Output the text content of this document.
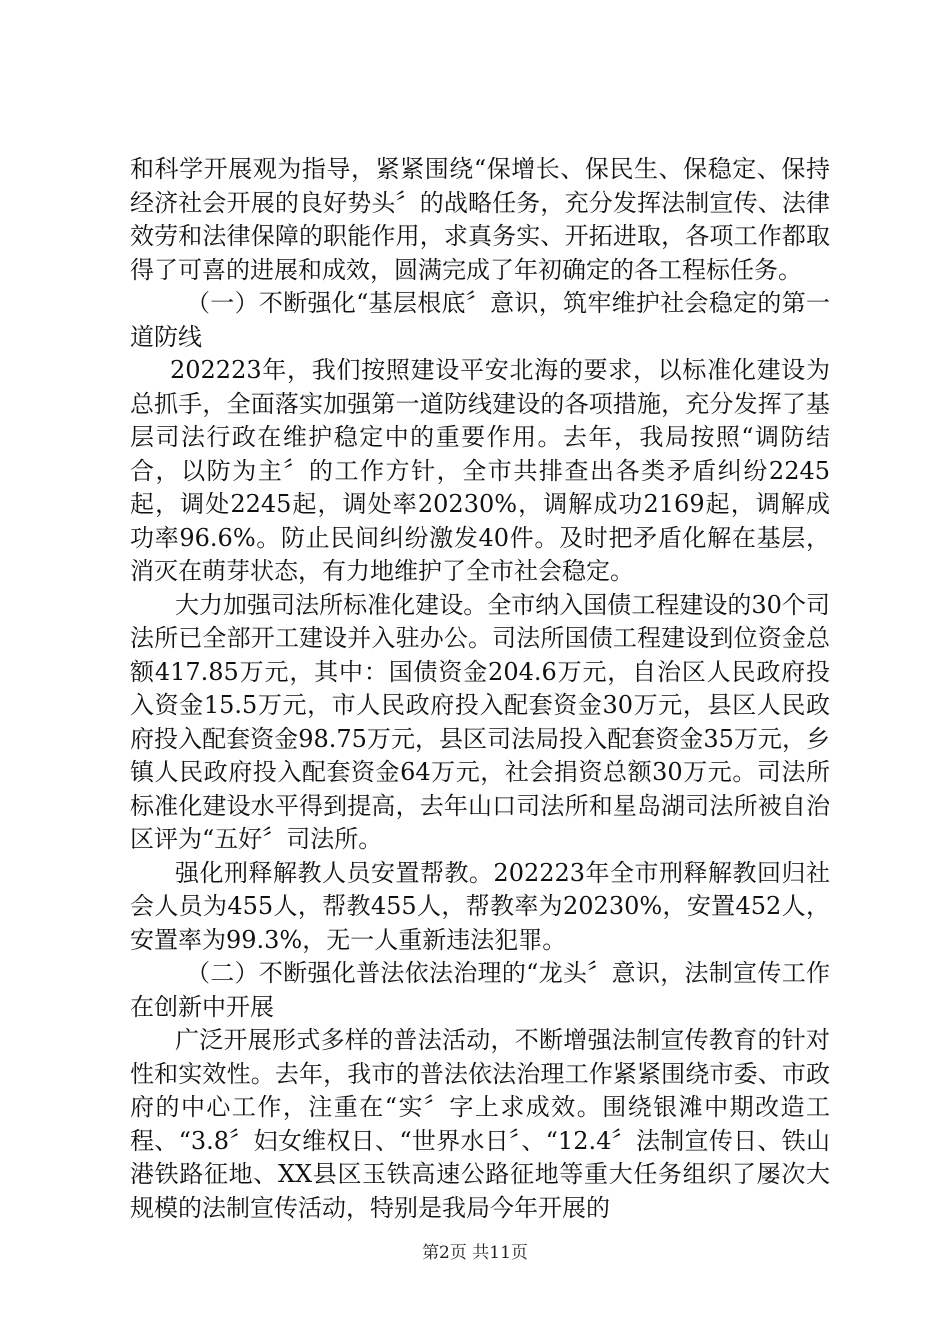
和科学开展观为指导，紧紧围绕“保增长、保民生、保稳定、保持经济社会开展的良好势头〞的战略任务，充分发挥法制宣传、法律效劳和法律保障的职能作用，求真务实、开拓进取，各项工作都取得了可喜的进展和成效，圆满完成了年初确定的各工程标任务。

（一）不断强化“基层根底〞意识，筑牢维护社会稳定的第一道防线

202223年，我们按照建设平安北海的要求，以标准化建设为总抓手，全面落实加强第一道防线建设的各项措施，充分发挥了基层司法行政在维护稳定中的重要作用。去年，我局按照“调防结合，以防为主〞的工作方针，全市共排查出各类矛盾纠纷2245起，调处2245起，调处率20230%，调解成功2169起，调解成功率96.6%。防止民间纠纷激发40件。及时把矛盾化解在基层，消灭在萌芽状态，有力地维护了全市社会稳定。

大力加强司法所标准化建设。全市纳入国债工程建设的30个司法所已全部开工建设并入驻办公。司法所国债工程建设到位资金总额417.85万元，其中：国债资金204.6万元，自治区人民政府投入资金15.5万元，市人民政府投入配套资金30万元，县区人民政府投入配套资金98.75万元，县区司法局投入配套资金35万元，乡镇人民政府投入配套资金64万元，社会捐资总额30万元。司法所标准化建设水平得到提高，去年山口司法所和星岛湖司法所被自治区评为“五好〞司法所。

强化刑释解教人员安置帮教。202223年全市刑释解教回归社会人员为455人，帮教455人，帮教率为20230%，安置452人，安置率为99.3%，无一人重新违法犯罪。

（二）不断强化普法依法治理的“龙头〞意识，法制宣传工作在创新中开展

广泛开展形式多样的普法活动，不断增强法制宣传教育的针对性和实效性。去年，我市的普法依法治理工作紧紧围绕市委、市政府的中心工作，注重在“实〞字上求成效。围绕银滩中期改造工程、“3.8〞妇女维权日、“世界水日〞、“12.4〞法制宣传日、铁山港铁路征地、XX县区玉铁高速公路征地等重大任务组织了屡次大规模的法制宣传活动，特别是我局今年开展的

第2页 共11页
